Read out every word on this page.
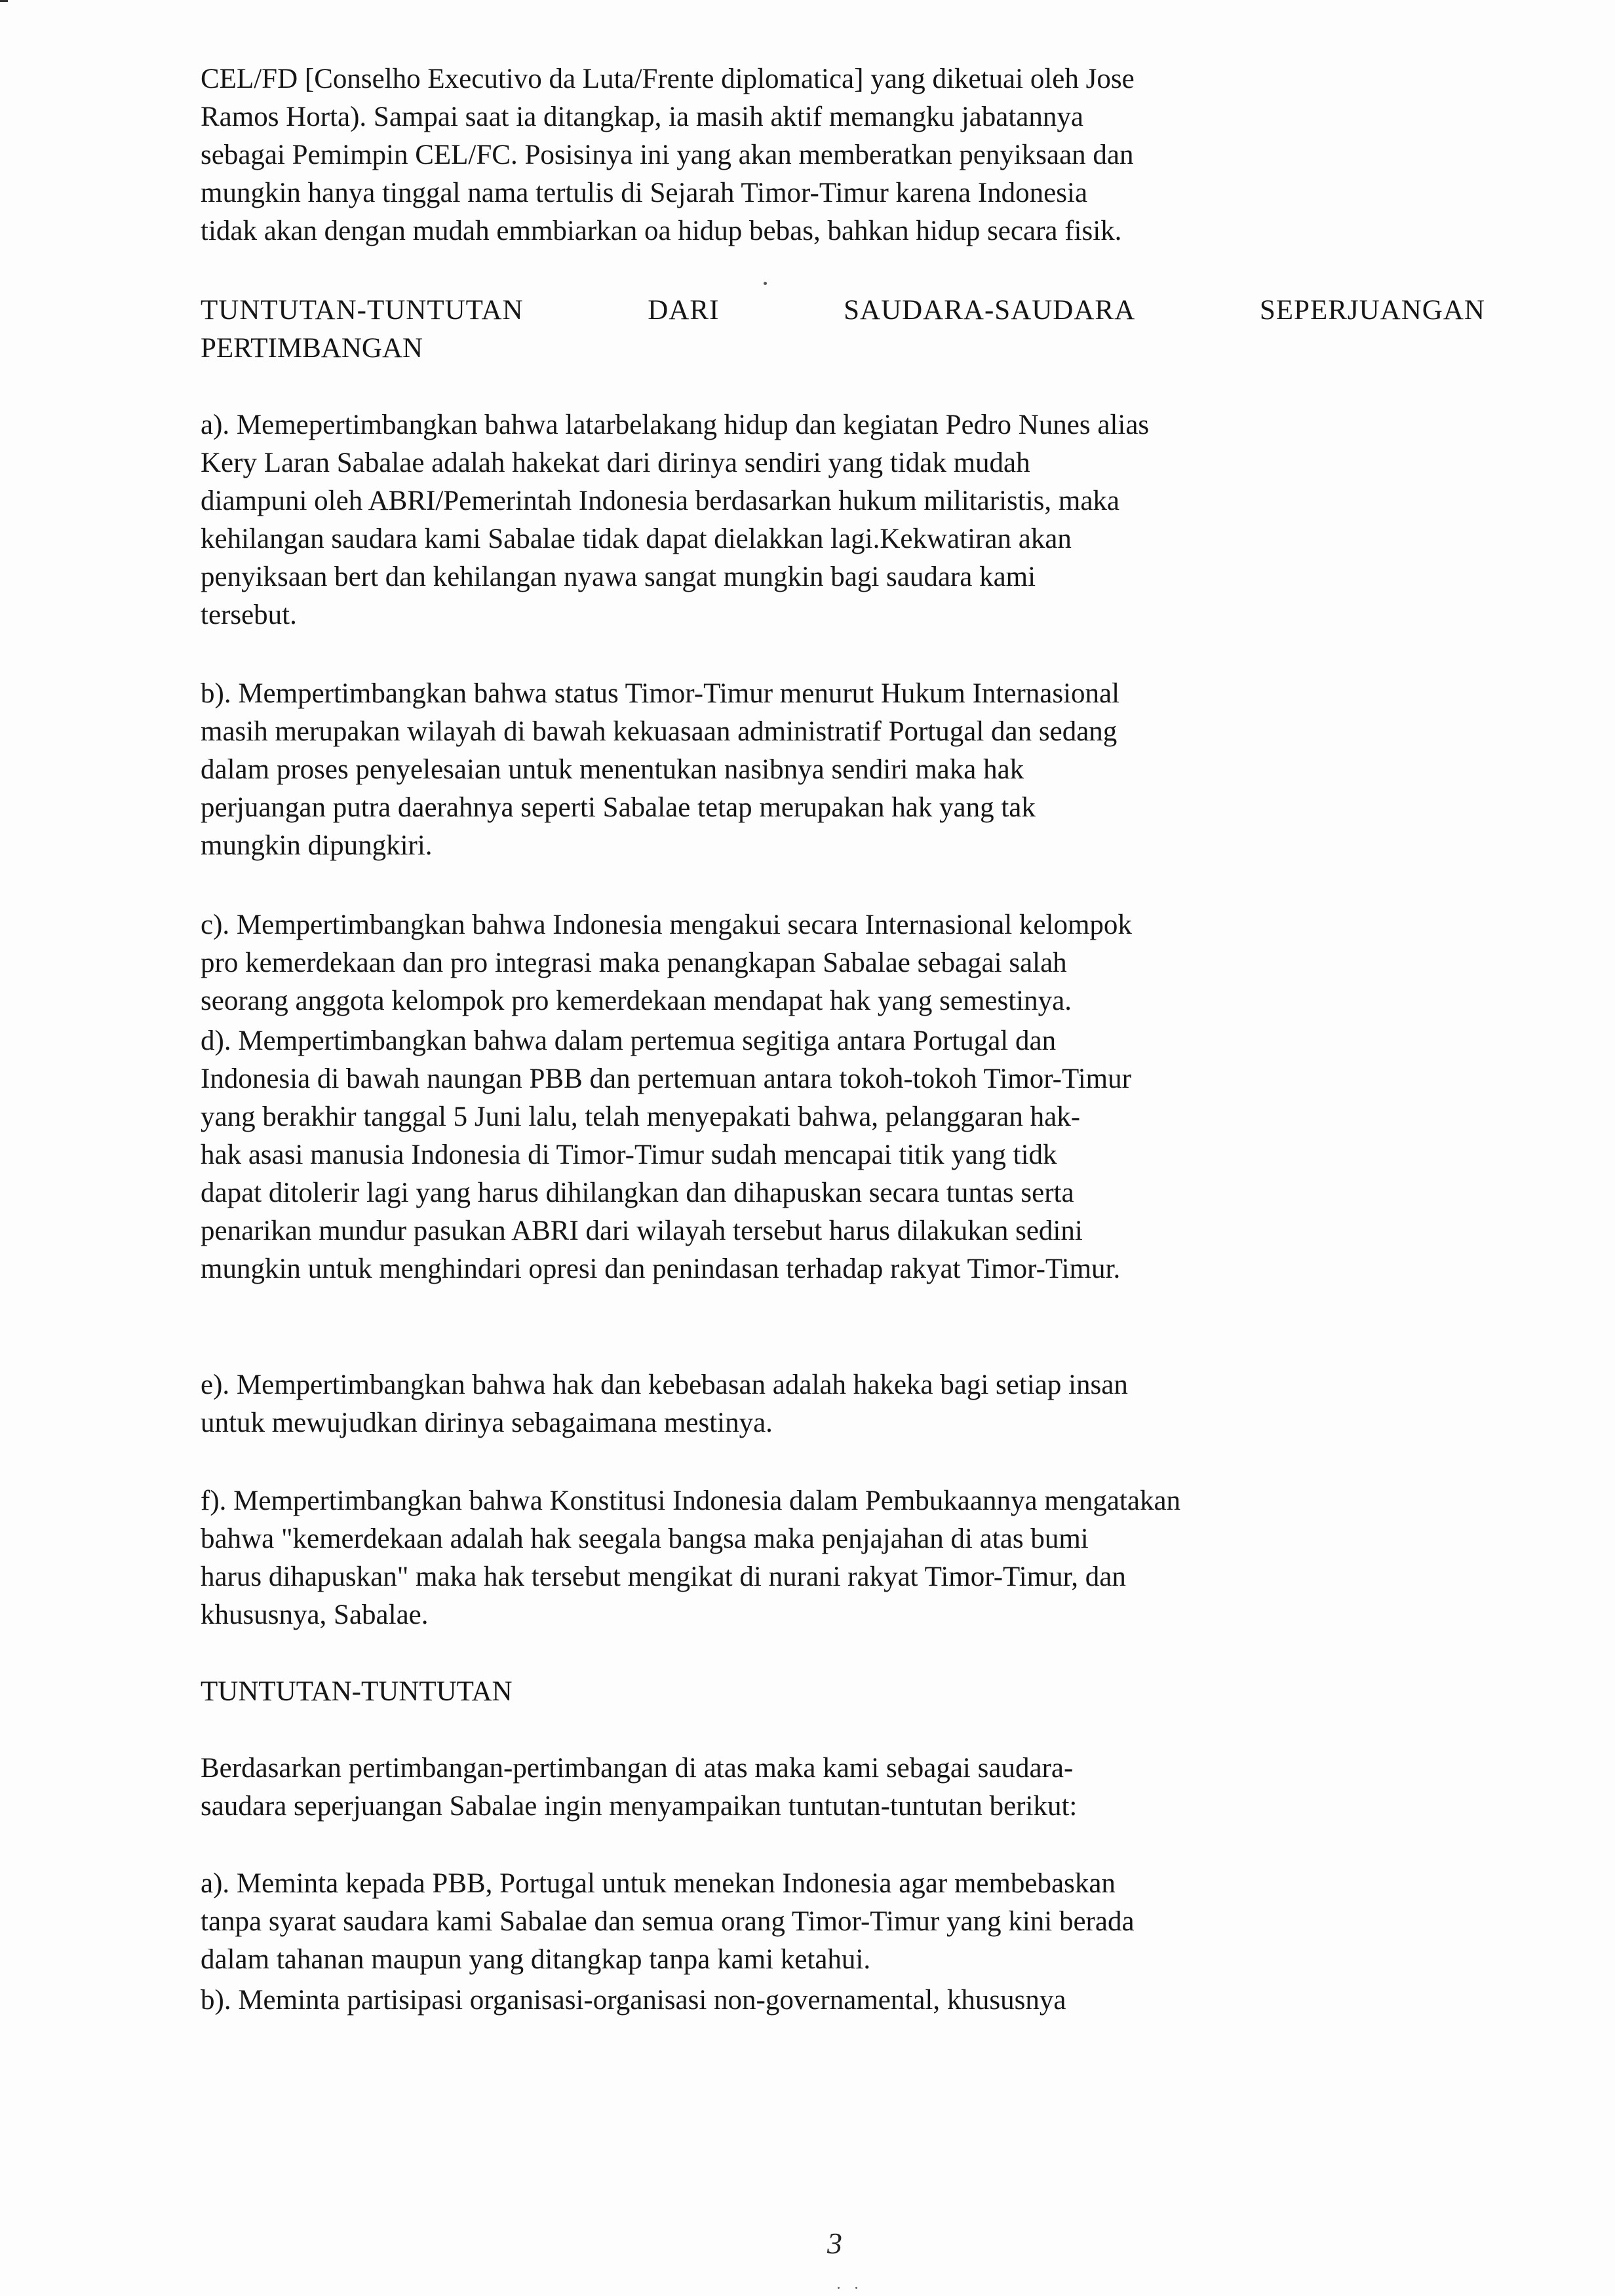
CEL/FD [Conselho Executivo da Luta/Frente diplomatica] yang diketuai oleh Jose
Ramos Horta). Sampai saat ia ditangkap, ia masih aktif memangku jabatannya
sebagai Pemimpin CEL/FC. Posisinya ini yang akan memberatkan penyiksaan dan
mungkin hanya tinggal nama tertulis di Sejarah Timor-Timur karena Indonesia
tidak akan dengan mudah emmbiarkan oa hidup bebas, bahkan hidup secara fisik.
TUNTUTAN-TUNTUTAN	DARI	SAUDARA-SAUDARA	SEPERJUANGAN
PERTIMBANGAN
a). Memepertimbangkan bahwa latarbelakang hidup dan kegiatan Pedro Nunes alias
Kery Laran Sabalae adalah hakekat dari dirinya sendiri yang tidak mudah
diampuni oleh ABRI/Pemerintah Indonesia berdasarkan hukum militaristis, maka
kehilangan saudara kami Sabalae tidak dapat dielakkan lagi.Kekwatiran akan
penyiksaan bert dan kehilangan nyawa sangat mungkin bagi saudara kami
tersebut.
b). Mempertimbangkan bahwa status Timor-Timur menurut Hukum Internasional
masih merupakan wilayah di bawah kekuasaan administratif Portugal dan sedang
dalam proses penyelesaian untuk menentukan nasibnya sendiri maka hak
perjuangan putra daerahnya seperti Sabalae tetap merupakan hak yang tak
mungkin dipungkiri.
c). Mempertimbangkan bahwa Indonesia mengakui secara Internasional kelompok
pro kemerdekaan dan pro integrasi maka penangkapan Sabalae sebagai salah
seorang anggota kelompok pro kemerdekaan mendapat hak yang semestinya.
d). Mempertimbangkan bahwa dalam pertemua segitiga antara Portugal dan
Indonesia di bawah naungan PBB dan pertemuan antara tokoh-tokoh Timor-Timur
yang berakhir tanggal 5 Juni lalu, telah menyepakati bahwa, pelanggaran hak-
hak asasi manusia Indonesia di Timor-Timur sudah mencapai titik yang tidk
dapat ditolerir lagi yang harus dihilangkan dan dihapuskan secara tuntas serta
penarikan mundur pasukan ABRI dari wilayah tersebut harus dilakukan sedini
mungkin untuk menghindari opresi dan penindasan terhadap rakyat Timor-Timur.
e). Mempertimbangkan bahwa hak dan kebebasan adalah hakeka bagi setiap insan
untuk mewujudkan dirinya sebagaimana mestinya.
f). Mempertimbangkan bahwa Konstitusi Indonesia dalam Pembukaannya mengatakan
bahwa "kemerdekaan adalah hak seegala bangsa maka penjajahan di atas bumi
harus dihapuskan" maka hak tersebut mengikat di nurani rakyat Timor-Timur, dan
khususnya, Sabalae.
TUNTUTAN-TUNTUTAN
Berdasarkan pertimbangan-pertimbangan di atas maka kami sebagai saudara-
saudara seperjuangan Sabalae ingin menyampaikan tuntutan-tuntutan berikut:
a). Meminta kepada PBB, Portugal untuk menekan Indonesia agar membebaskan
tanpa syarat saudara kami Sabalae dan semua orang Timor-Timur yang kini berada
dalam tahanan maupun yang ditangkap tanpa kami ketahui.
b). Meminta partisipasi organisasi-organisasi non-governamental, khususnya
3
